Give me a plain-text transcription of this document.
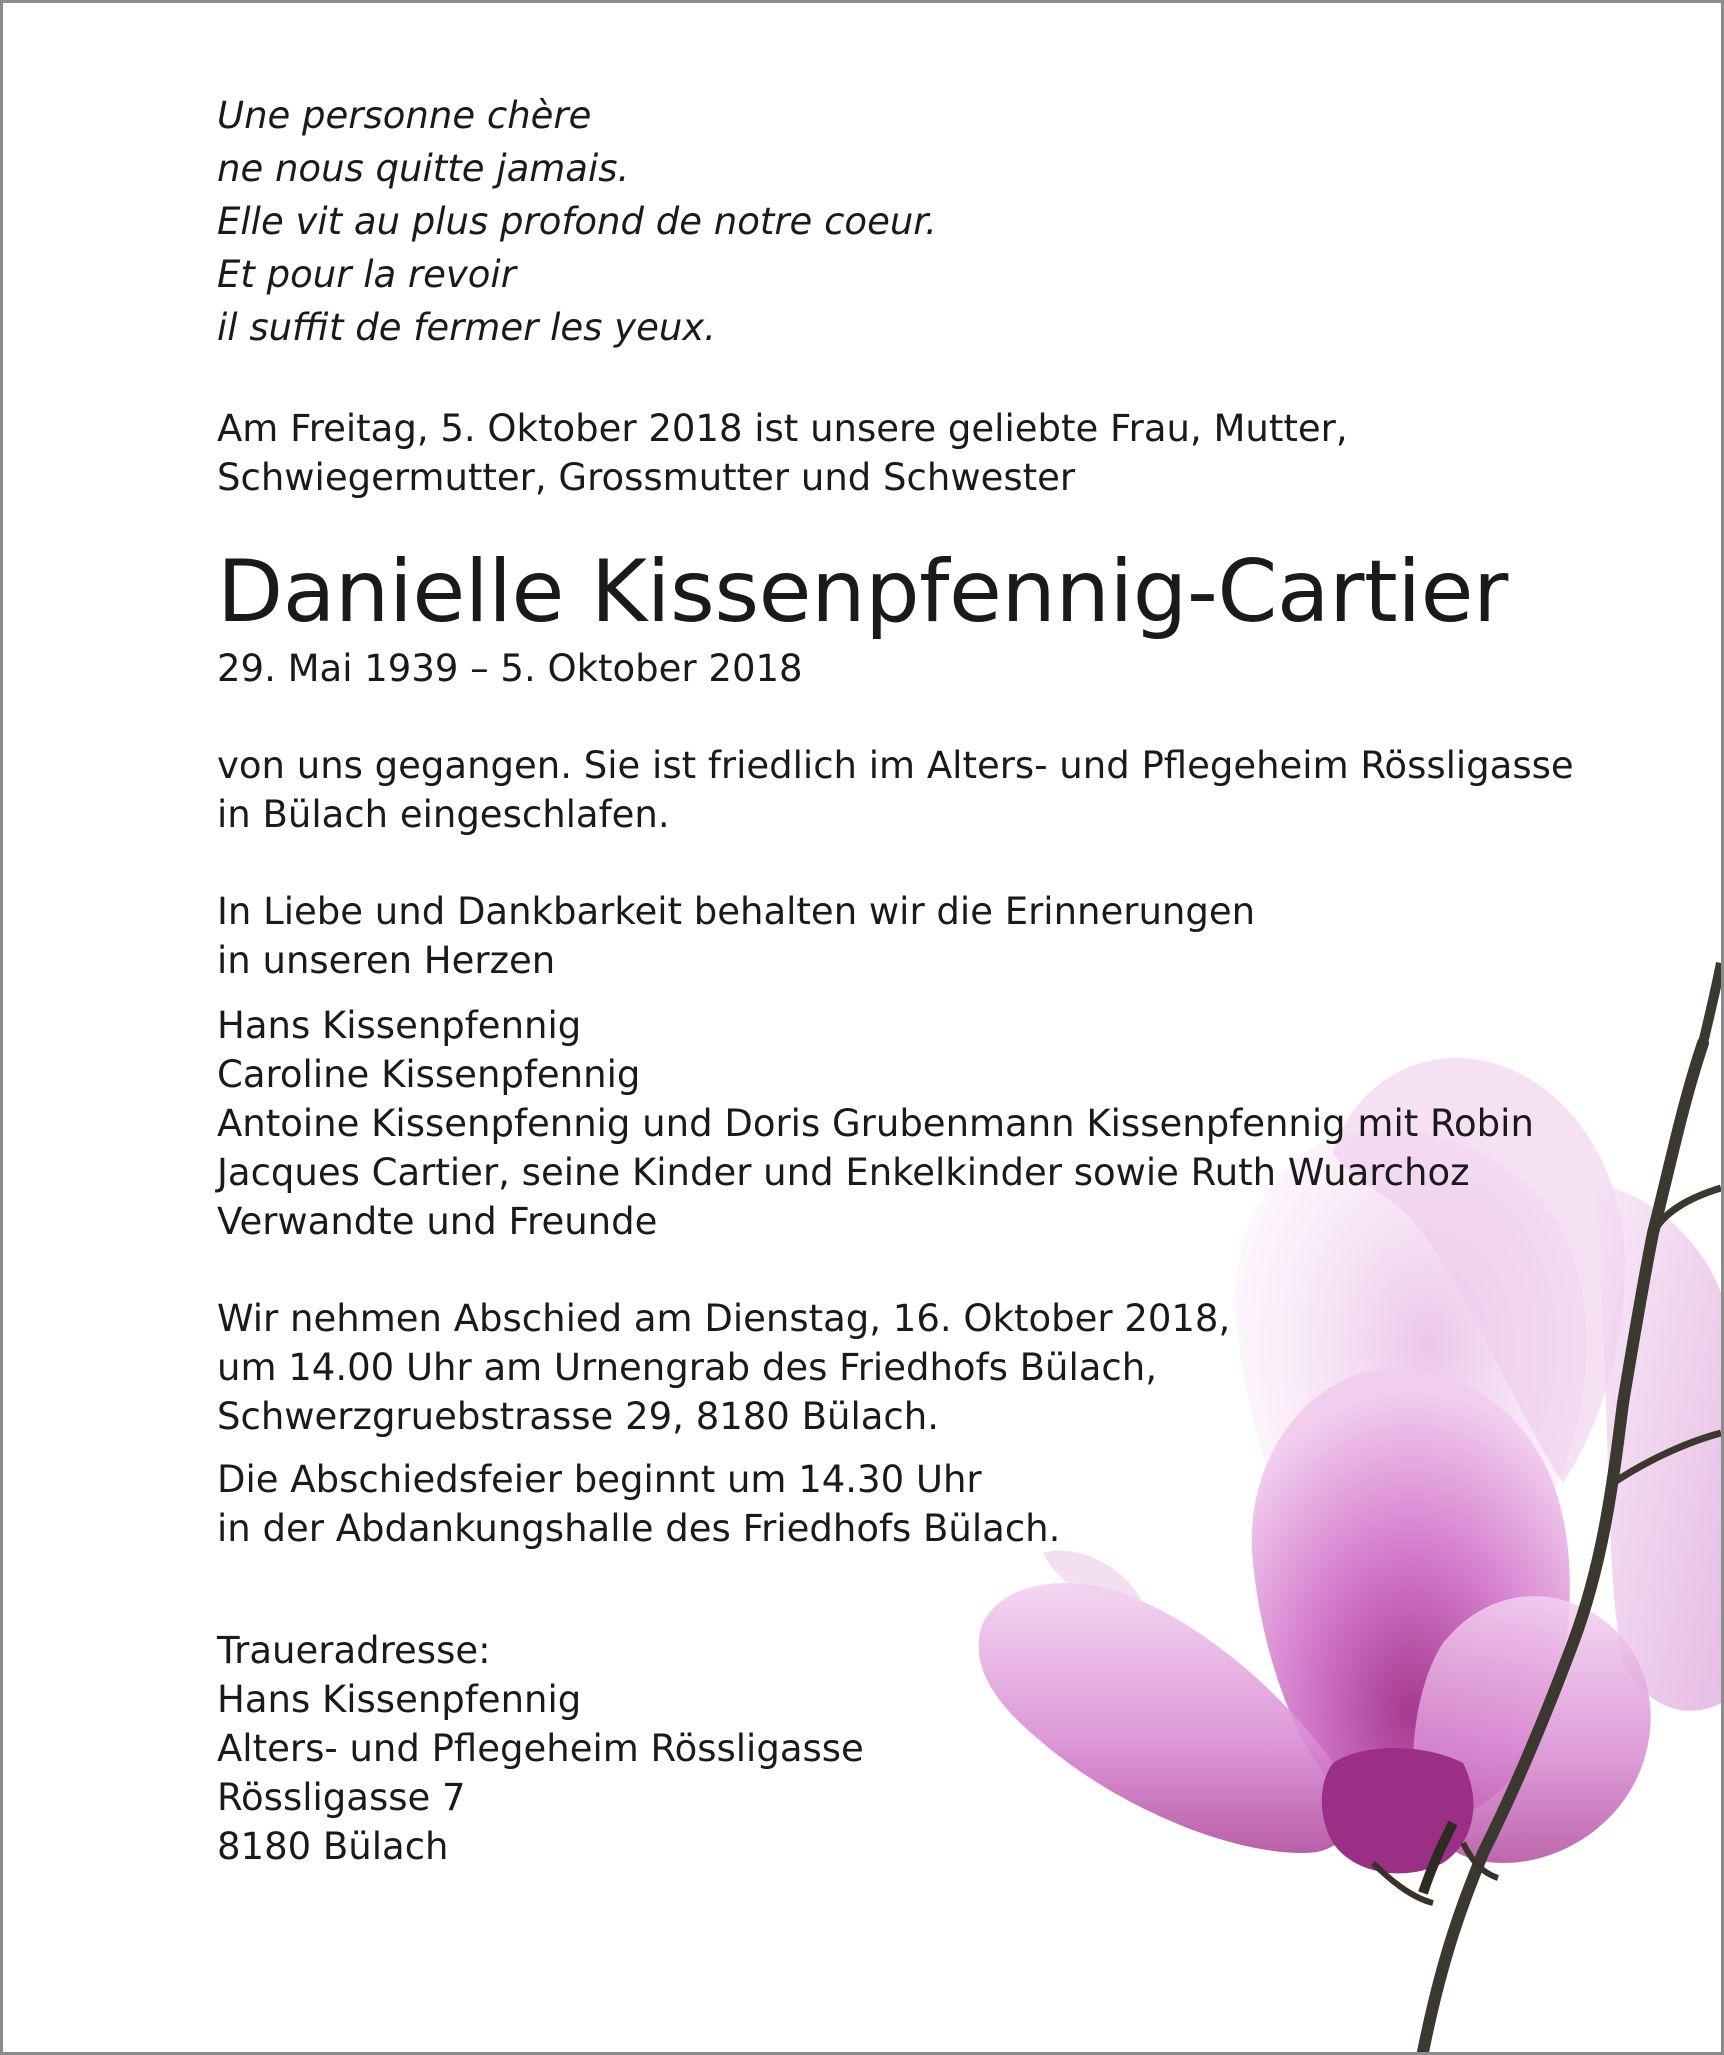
Une personne chère
ne nous quitte jamais.
Elle vit au plus profond de notre coeur.
Et pour la revoir
il suffit de fermer les yeux.
Am Freitag, 5. Oktober 2018 ist unsere geliebte Frau, Mutter,
Schwiegermutter, Grossmutter und Schwester
Danielle Kissenpfennig-Cartier
29. Mai 1939 – 5. Oktober 2018
von uns gegangen. Sie ist friedlich im Alters- und Pflegeheim Rössligasse
in Bülach eingeschlafen.
In Liebe und Dankbarkeit behalten wir die Erinnerungen
in unseren Herzen
Hans Kissenpfennig
Caroline Kissenpfennig
Antoine Kissenpfennig und Doris Grubenmann Kissenpfennig mit Robin
Jacques Cartier, seine Kinder und Enkelkinder sowie Ruth Wuarchoz
Verwandte und Freunde
Wir nehmen Abschied am Dienstag, 16. Oktober 2018,
um 14.00 Uhr am Urnengrab des Friedhofs Bülach,
Schwerzgruebstrasse 29, 8180 Bülach.
Die Abschiedsfeier beginnt um 14.30 Uhr
in der Abdankungshalle des Friedhofs Bülach.
Traueradresse:
Hans Kissenpfennig
Alters- und Pflegeheim Rössligasse
Rössligasse 7
8180 Bülach
